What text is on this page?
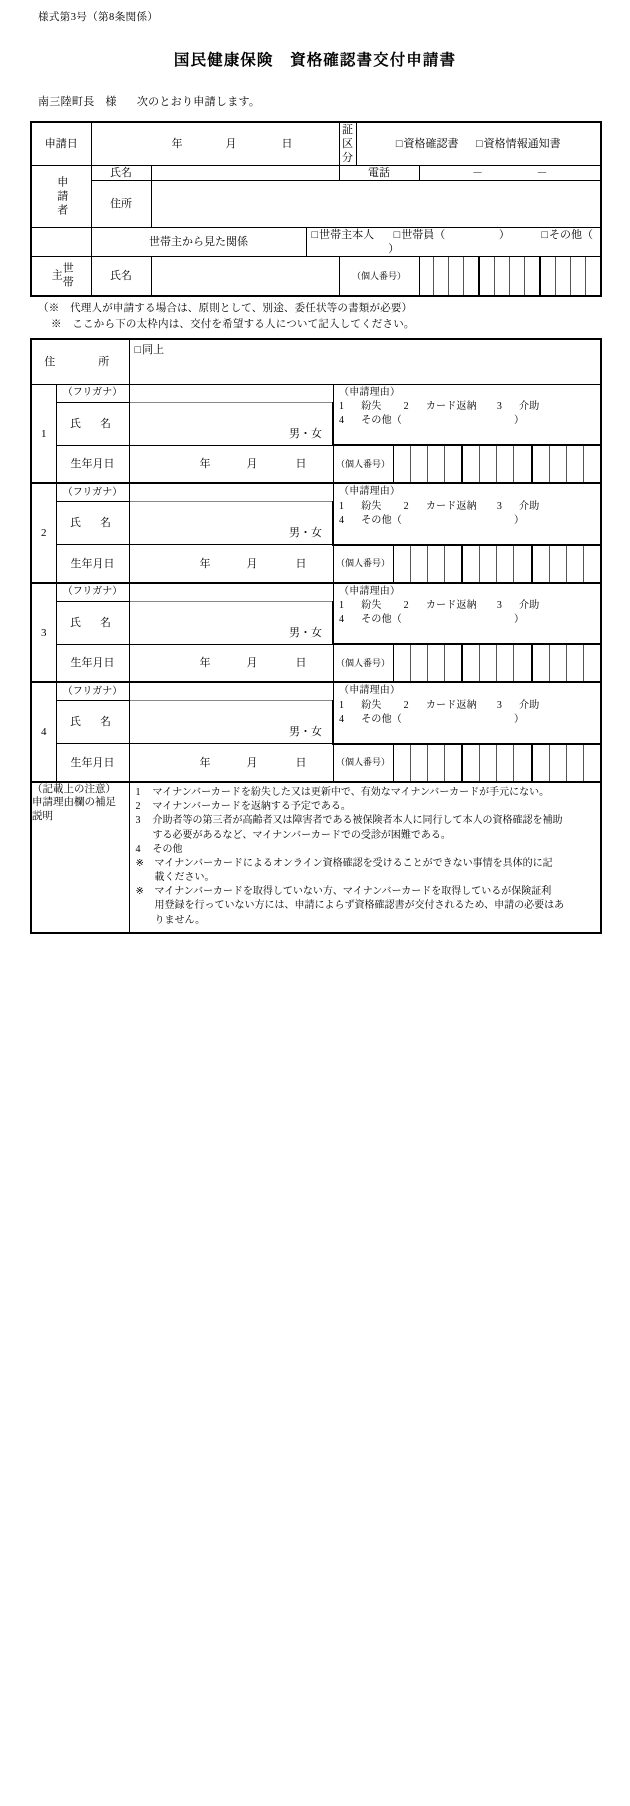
様式第3号（第8条関係）
国民健康保険　資格確認書交付申請書
南三陸町長 様 次のとおり申請します。
申請日	年 月 日			証区分	□ 資格確認書 □ 資格情報通知書

申請者	氏名			電話		－ －
	住所					
	世帯主から見た関係		□ 世帯主本人 □ 世帯員（ ） □ その他（  ）

世帯主	氏名			（個人番号）		
（※　代理人が申請する場合は、原則として、別途、委任状等の書類が必要）
※　ここから下の太枠内は、交付を希望する人について記入してください。
住　　所		□ 同上
1	（フリガナ）		（申請理由）
1 紛失 2 カード返納 3 介助
4 その他（ ）	

	氏　名	男・女		
	生年月日	年 月 日	（個人番号）	

2	（フリガナ）		（申請理由）
1 紛失 2 カード返納 3 介助
4 その他（ ）	

	氏　名	男・女		
	生年月日	年 月 日	（個人番号）	

3	（フリガナ）		（申請理由）
1 紛失 2 カード返納 3 介助
4 その他（ ）	

	氏　名	男・女		
	生年月日	年 月 日	（個人番号）	

4	（フリガナ）		（申請理由）
1 紛失 2 カード返納 3 介助
4 その他（ ）	

	氏　名	男・女		
	生年月日	年 月 日	（個人番号）	

（記載上の注意）
申請理由欄の補足
説明

1	マイナンバーカードを紛失した又は更新中で、有効なマイナンバーカードが手元にない。
2	マイナンバーカードを返納する予定である。
3	介助者等の第三者が高齢者又は障害者である被保険者本人に同行して本人の資格確認を補助
する必要があるなど、マイナンバーカードでの受診が困難である。
4	その他
※	マイナンバーカードによるオンライン資格確認を受けることができない事情を具体的に記
載ください。
※	マイナンバーカードを取得していない方、マイナンバーカードを取得しているが保険証利
用登録を行っていない方には、申請によらず資格確認書が交付されるため、申請の必要はあ
りません。
